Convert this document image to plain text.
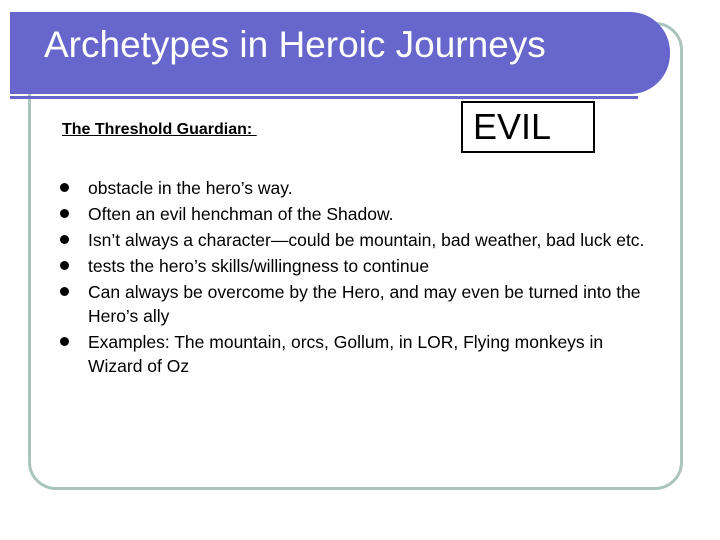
Archetypes in Heroic Journeys

The Threshold Guardian:	EVIL
obstacle in the hero’s way.
Often an evil henchman of the Shadow.
Isn’t always a character—could be mountain, bad weather, bad luck etc.
tests the hero’s skills/willingness to continue
Can always be overcome by the Hero, and may even be turned into the Hero’s ally
Examples: The mountain, orcs, Gollum, in LOR, Flying monkeys in Wizard of Oz
